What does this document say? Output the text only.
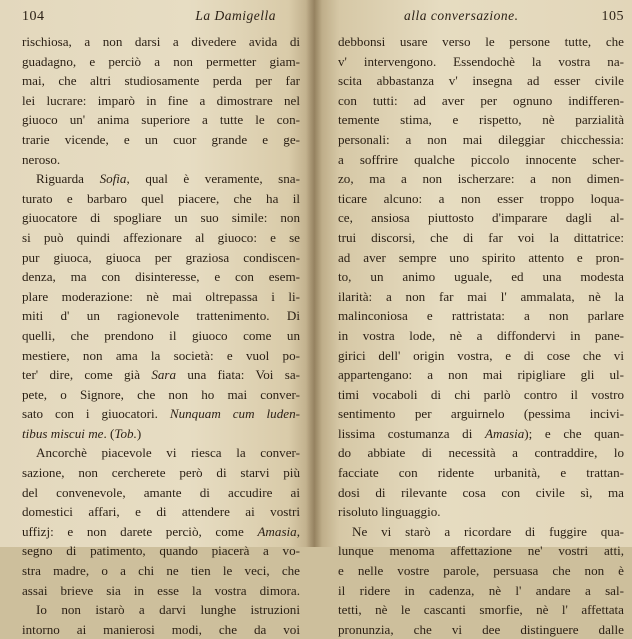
104	La Damigella
rischiosa, a non darsi a divedere avida di
guadagno, e perciò a non permetter giam-
mai, che altri studiosamente perda per far
lei lucrare: imparò in fine a dimostrare nel
giuoco un' anima superiore a tutte le con-
trarie vicende, e un cuor grande e ge-
neroso.
Riguarda Sofia, qual è veramente, sna-
turato e barbaro quel piacere, che ha il
giuocatore di spogliare un suo simile: non
si può quindi affezionare al giuoco: e se
pur giuoca, giuoca per graziosa condiscen-
denza, ma con disinteresse, e con esem-
plare moderazione: nè mai oltrepassa i li-
miti d' un ragionevole trattenimento. Di
quelli, che prendono il giuoco come un
mestiere, non ama la società: e vuol po-
ter' dire, come già Sara una fiata: Voi sa-
pete, o Signore, che non ho mai conver-
sato con i giuocatori. Nunquam cum luden-
tibus miscui me. (Tob.)
Ancorchè piacevole vi riesca la conver-
sazione, non cercherete però di starvi più
del convenevole, amante di accudire ai
domestici affari, e di attendere ai vostri
uffizj: e non darete perciò, come Amasia,
segno di patimento, quando piacerà a vo-
stra madre, o a chi ne tien le veci, che
assai brieve sia in esse la vostra dimora.
Io non istarò a darvi lunghe istruzioni
intorno ai manierosi modi, che da voi
alla conversazione.	105
debbonsi usare verso le persone tutte, che
v' intervengono. Essendochè la vostra na-
scita abbastanza v' insegna ad esser civile
con tutti: ad aver per ognuno indifferen-
temente stima, e rispetto, nè parzialità
personali: a non mai dileggiar chicchessia:
a soffrire qualche piccolo innocente scher-
zo, ma a non ischerzare: a non dimen-
ticare alcuno: a non esser troppo loqua-
ce, ansiosa piuttosto d'imparare dagli al-
trui discorsi, che di far voi la dittatrice:
ad aver sempre uno spirito attento e pron-
to, un animo uguale, ed una modesta
ilarità: a non far mai l' ammalata, nè la
malinconiosa e rattristata: a non parlare
in vostra lode, nè a diffondervi in pane-
girici dell' origin vostra, e di cose che vi
appartengano: a non mai ripigliare gli ul-
timi vocaboli di chi parlò contro il vostro
sentimento per arguirnelo (pessima incivi-
lissima costumanza di Amasia); e che quan-
do abbiate di necessità a contraddire, lo
facciate con ridente urbanità, e trattan-
dosi di rilevante cosa con civile sì, ma
risoluto linguaggio.
Ne vi starò a ricordare di fuggire qua-
lunque menoma affettazione ne' vostri atti,
e nelle vostre parole, persuasa che non è
il ridere in cadenza, nè l' andare a sal-
tetti, nè le cascanti smorfie, nè l' affettata
pronunzia, che vi dee distinguere dalle
